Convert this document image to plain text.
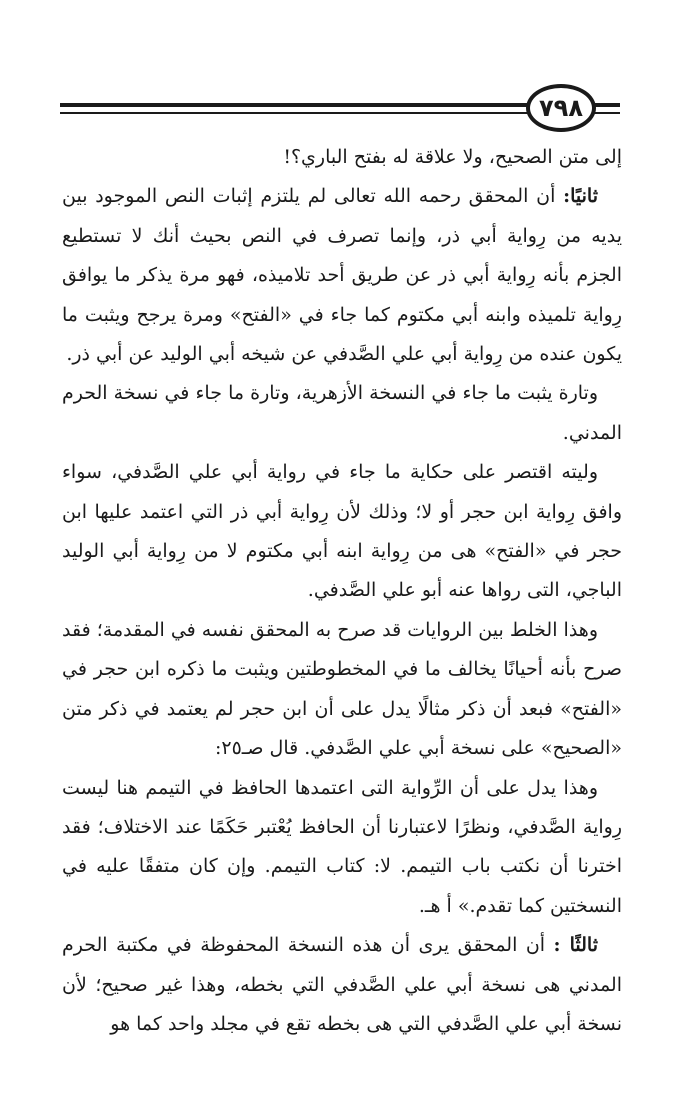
٧٩٨

إلى متن الصحيح، ولا علاقة له بفتح الباري؟!

ثانيًا: أن المحقق رحمه الله تعالى لم يلتزم إثبات النص الموجود بين يديه من رِواية أبي ذر، وإنما تصرف في النص بحيث أنك لا تستطيع الجزم بأنه رِواية أبي ذر عن طريق أحد تلاميذه، فهو مرة يذكر ما يوافق رِواية تلميذه وابنه أبي مكتوم كما جاء في «الفتح» ومرة يرجح ويثبت ما يكون عنده من رِواية أبي علي الصَّدفي عن شيخه أبي الوليد عن أبي ذر.

وتارة يثبت ما جاء في النسخة الأزهرية، وتارة ما جاء في نسخة الحرم المدني.

وليته اقتصر على حكاية ما جاء في رواية أبي علي الصَّدفي، سواء وافق رِواية ابن حجر أو لا؛ وذلك لأن رِواية أبي ذر التي اعتمد عليها ابن حجر في «الفتح» هى من رِواية ابنه أبي مكتوم لا من رِواية أبي الوليد الباجي، التى رواها عنه أبو علي الصَّدفي.

وهذا الخلط بين الروايات قد صرح به المحقق نفسه في المقدمة؛ فقد صرح بأنه أحيانًا يخالف ما في المخطوطتين ويثبت ما ذكره ابن حجر في «الفتح» فبعد أن ذكر مثالًا يدل على أن ابن حجر لم يعتمد في ذكر متن «الصحيح» على نسخة أبي علي الصَّدفي. قال صـ٢٥:

وهذا يدل على أن الرِّواية التى اعتمدها الحافظ في التيمم هنا ليست رِواية الصَّدفي، ونظرًا لاعتبارنا أن الحافظ يُعْتبر حَكَمًا عند الاختلاف؛ فقد اخترنا أن نكتب باب التيمم. لا: كتاب التيمم. وإن كان متفقًا عليه في النسختين كما تقدم.» أ هـ.

ثالثًا : أن المحقق يرى أن هذه النسخة المحفوظة في مكتبة الحرم المدني هى نسخة أبي علي الصَّدفي التي بخطه، وهذا غير صحيح؛ لأن نسخة أبي علي الصَّدفي التي هى بخطه تقع في مجلد واحد كما هو
